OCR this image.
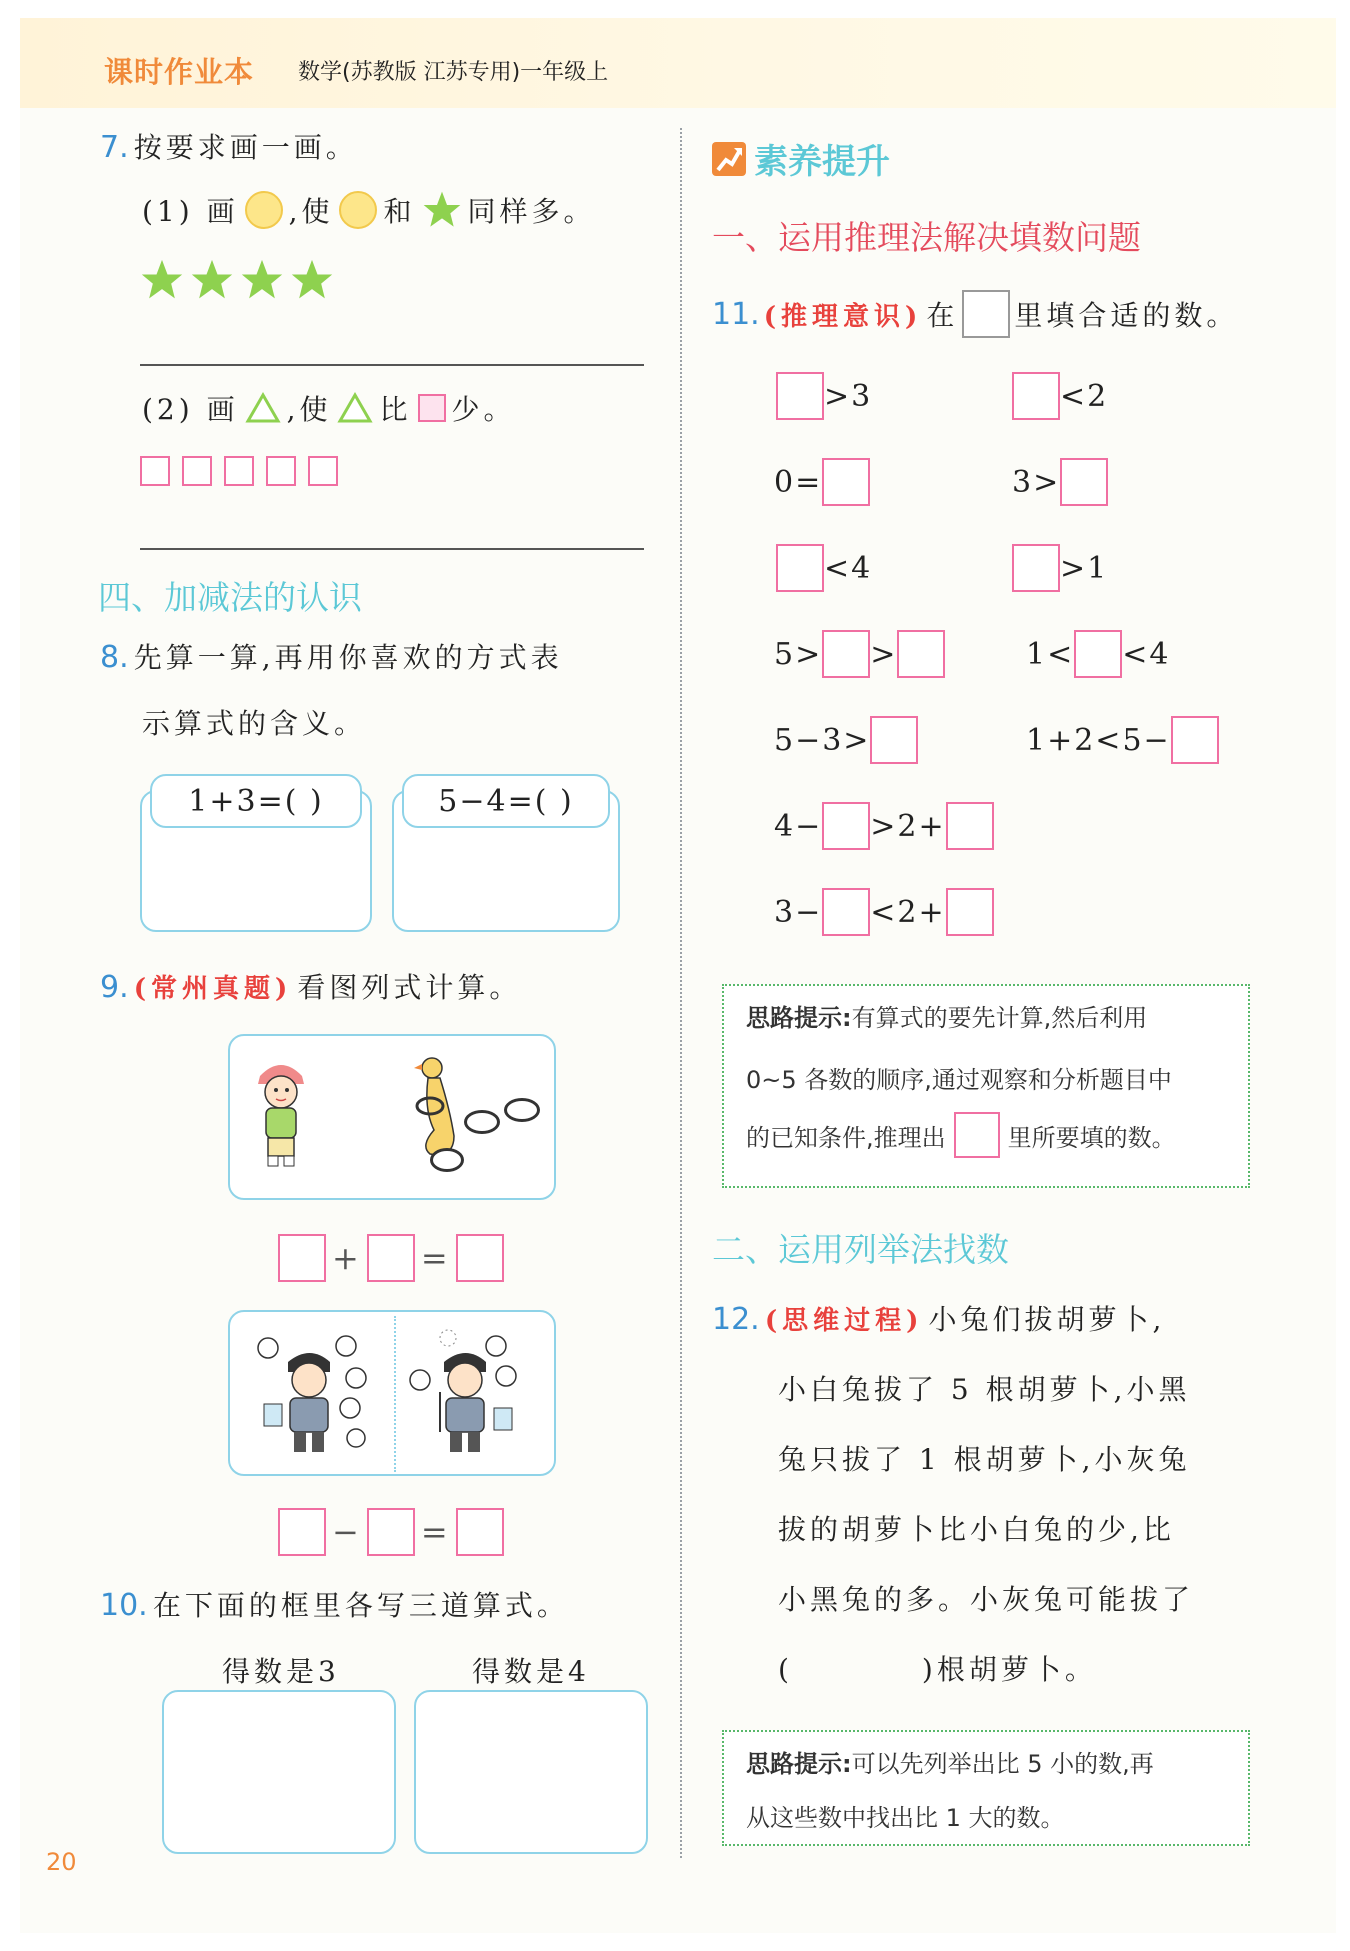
课时作业本 数学(苏教版 江苏专用)一年级上
7. 按要求画一画。
(1) 画 ,使 和 同样多。
(2) 画 ,使 比 少。
四、加减法的认识
8. 先算一算,再用你喜欢的方式表
示算式的含义。
1+3=( )	5−4=( )
9. (常州真题) 看图列式计算。
+ =
− =
10. 在下面的框里各写三道算式。
得数是3	得数是4
20
素养提升
一、运用推理法解决填数问题
11. (推理意识) 在 里填合适的数。
>3	<2
0=	3>
<4	>1
5> >	1< <4
5−3>	1+2<5−
4− >2+
3− <2+
思路提示:有算式的要先计算,然后利用
0~5 各数的顺序,通过观察和分析题目中
的已知条件,推理出	里所要填的数。
二、运用列举法找数
12. (思维过程) 小兔们拔胡萝卜,
小白兔拔了 5 根胡萝卜,小黑
兔只拔了 1 根胡萝卜,小灰兔
拔的胡萝卜比小白兔的少,比
小黑兔的多。小灰兔可能拔了
(          )根胡萝卜。
思路提示:可以先列举出比 5 小的数,再
从这些数中找出比 1 大的数。
